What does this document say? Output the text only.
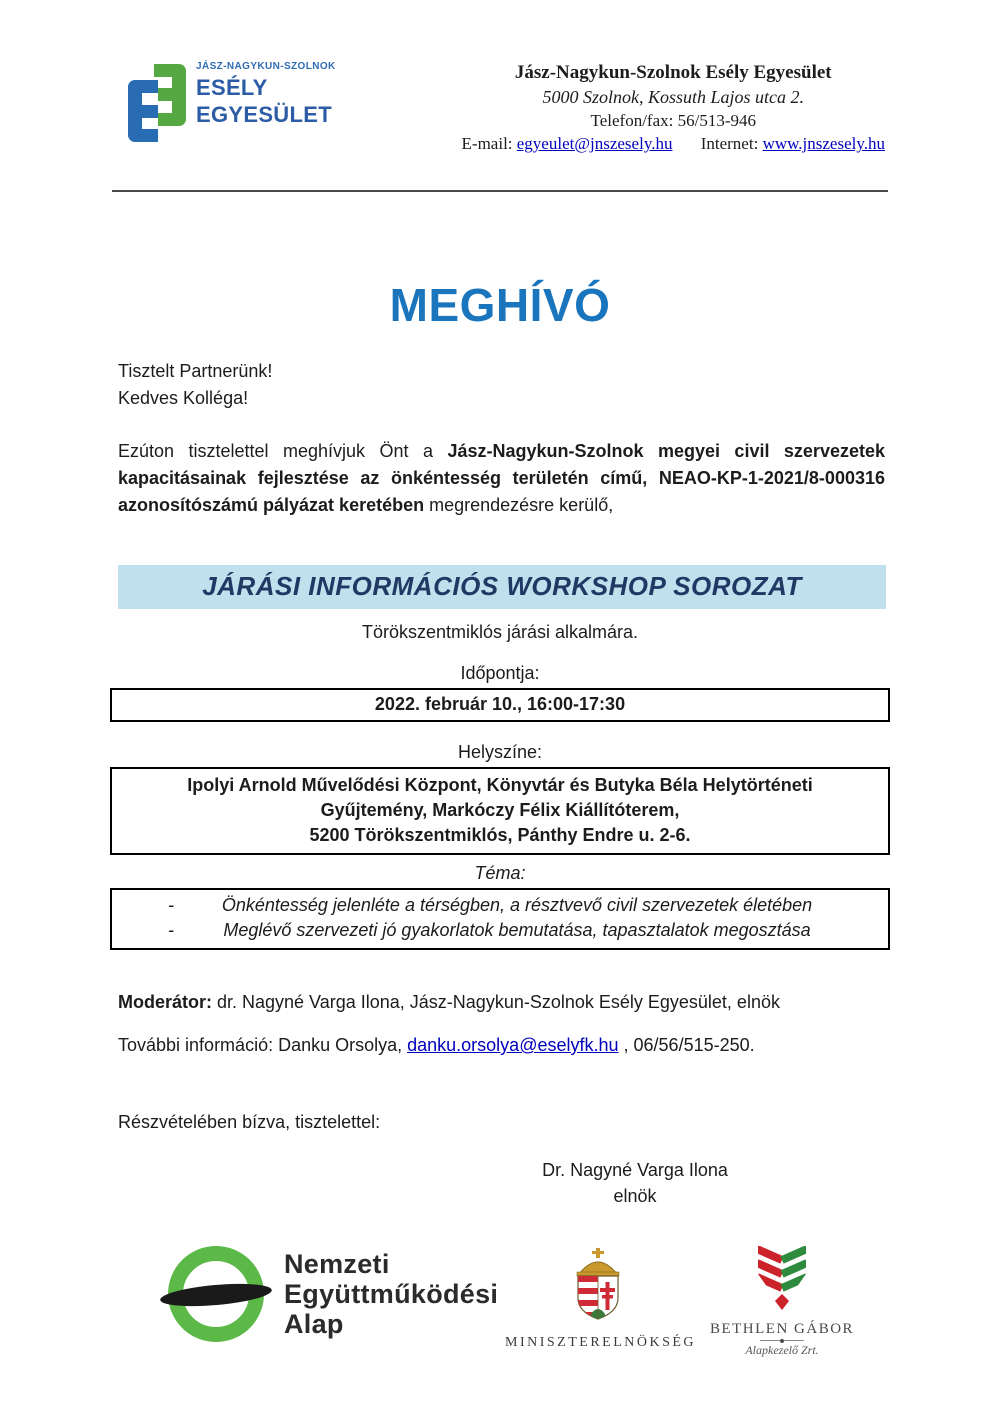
JÁSZ-NAGYKUN-SZOLNOK
ESÉLY
EGYESÜLET
Jász-Nagykun-Szolnok Esély Egyesület
5000 Szolnok, Kossuth Lajos utca 2.
Telefon/fax: 56/513-946
E-mail: egyeulet@jnszesely.hu Internet: www.jnszesely.hu
MEGHÍVÓ
Tisztelt Partnerünk!
Kedves Kolléga!

Ezúton tisztelettel meghívjuk Önt a Jász-Nagykun-Szolnok megyei civil szervezetek kapacitásainak fejlesztése az önkéntesség területén című, NEAO-KP-1-2021/8-000316 azonosítószámú pályázat keretében megrendezésre kerülő,

JÁRÁSI INFORMÁCIÓS WORKSHOP SOROZAT
Törökszentmiklós járási alkalmára.
Időpontja:
2022. február 10., 16:00-17:30
Helyszíne:
Ipolyi Arnold Művelődési Központ, Könyvtár és Butyka Béla Helytörténeti
Gyűjtemény, Markóczy Félix Kiállítóterem,
5200 Törökszentmiklós, Pánthy Endre u. 2-6.
Téma:
-	Önkéntesség jelenléte a térségben, a résztvevő civil szervezetek életében
-	Meglévő szervezeti jó gyakorlatok bemutatása, tapasztalatok megosztása
Moderátor: dr. Nagyné Varga Ilona, Jász-Nagykun-Szolnok Esély Egyesület, elnök
További információ: Danku Orsolya, danku.orsolya@eselyfk.hu , 06/56/515-250.
Részvételében bízva, tisztelettel:
Dr. Nagyné Varga Ilona
elnök
Nemzeti
Együttműködési
Alap
MINISZTERELNÖKSÉG
BETHLEN GÁBOR
Alapkezelő Zrt.
